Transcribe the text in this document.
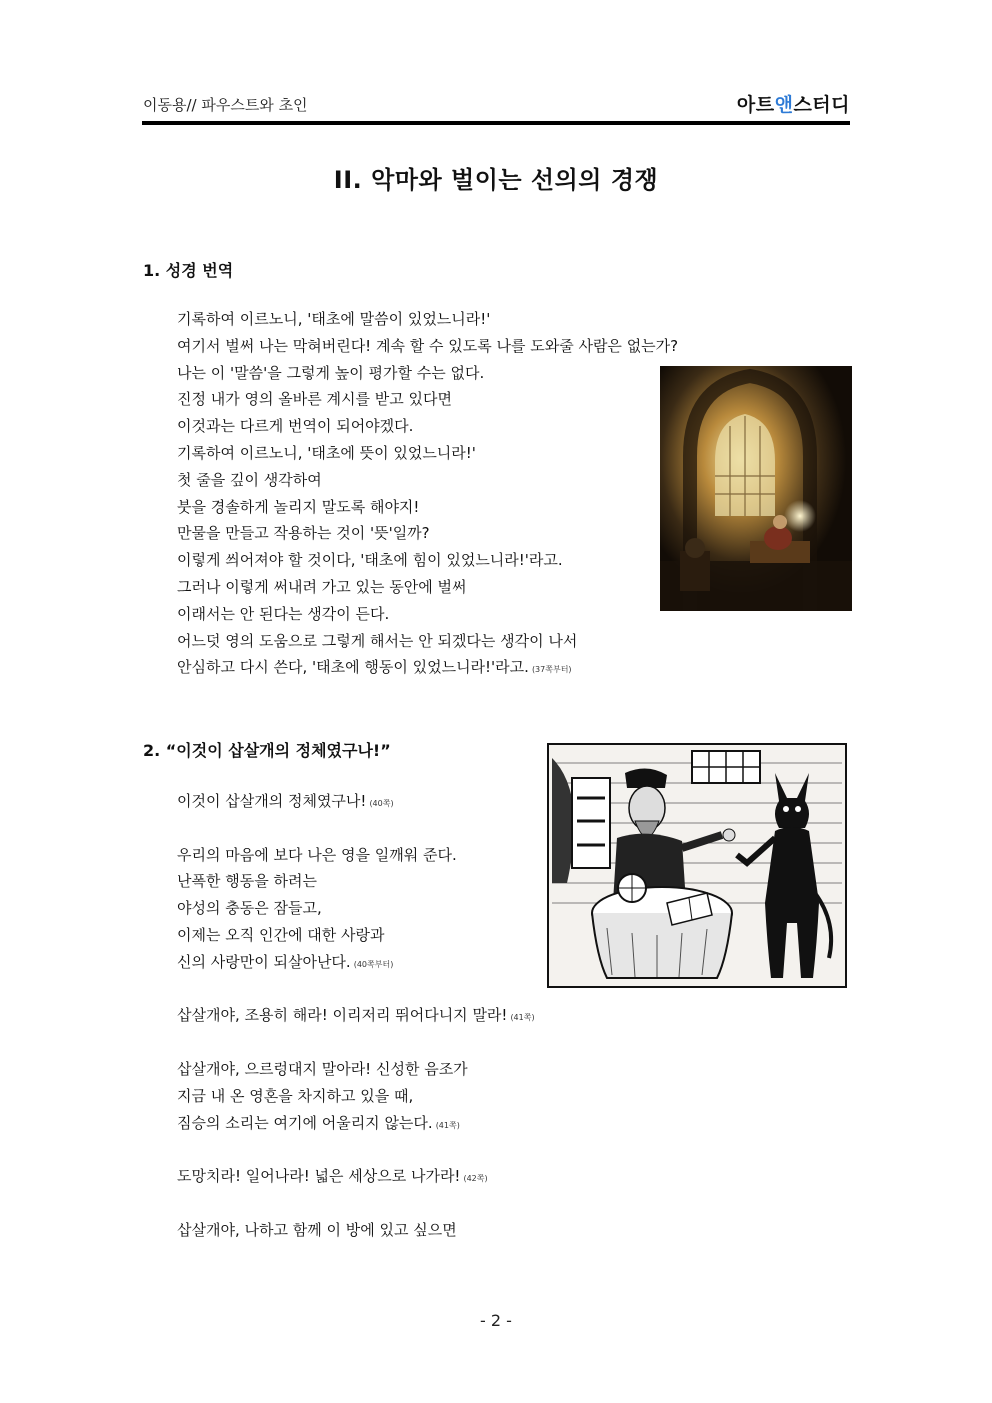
이동용// 파우스트와 초인	아트앤스터디
II. 악마와 벌이는 선의의 경쟁
1. 성경 번역
기록하여 이르노니, '태초에 말씀이 있었느니라!'
여기서 벌써 나는 막혀버린다! 계속 할 수 있도록 나를 도와줄 사람은 없는가?
나는 이 '말씀'을 그렇게 높이 평가할 수는 없다.
진정 내가 영의 올바른 계시를 받고 있다면
이것과는 다르게 번역이 되어야겠다.
기록하여 이르노니, '태초에 뜻이 있었느니라!'
첫 줄을 깊이 생각하여
붓을 경솔하게 놀리지 말도록 해야지!
만물을 만들고 작용하는 것이 '뜻'일까?
이렇게 씌어져야 할 것이다, '태초에 힘이 있었느니라!'라고.
그러나 이렇게 써내려 가고 있는 동안에 벌써
이래서는 안 된다는 생각이 든다.
어느덧 영의 도움으로 그렇게 해서는 안 되겠다는 생각이 나서
안심하고 다시 쓴다, '태초에 행동이 있었느니라!'라고. (37쪽부터)
2. “이것이 삽살개의 정체였구나!”
이것이 삽살개의 정체였구나! (40쪽)
우리의 마음에 보다 나은 영을 일깨워 준다.
난폭한 행동을 하려는
야성의 충동은 잠들고,
이제는 오직 인간에 대한 사랑과
신의 사랑만이 되살아난다. (40쪽부터)
삽살개야, 조용히 해라! 이리저리 뛰어다니지 말라! (41쪽)
삽살개야, 으르렁대지 말아라! 신성한 음조가
지금 내 온 영혼을 차지하고 있을 때,
짐승의 소리는 여기에 어울리지 않는다. (41쪽)
도망치라! 일어나라! 넓은 세상으로 나가라! (42쪽)
삽살개야, 나하고 함께 이 방에 있고 싶으면
- 2 -
